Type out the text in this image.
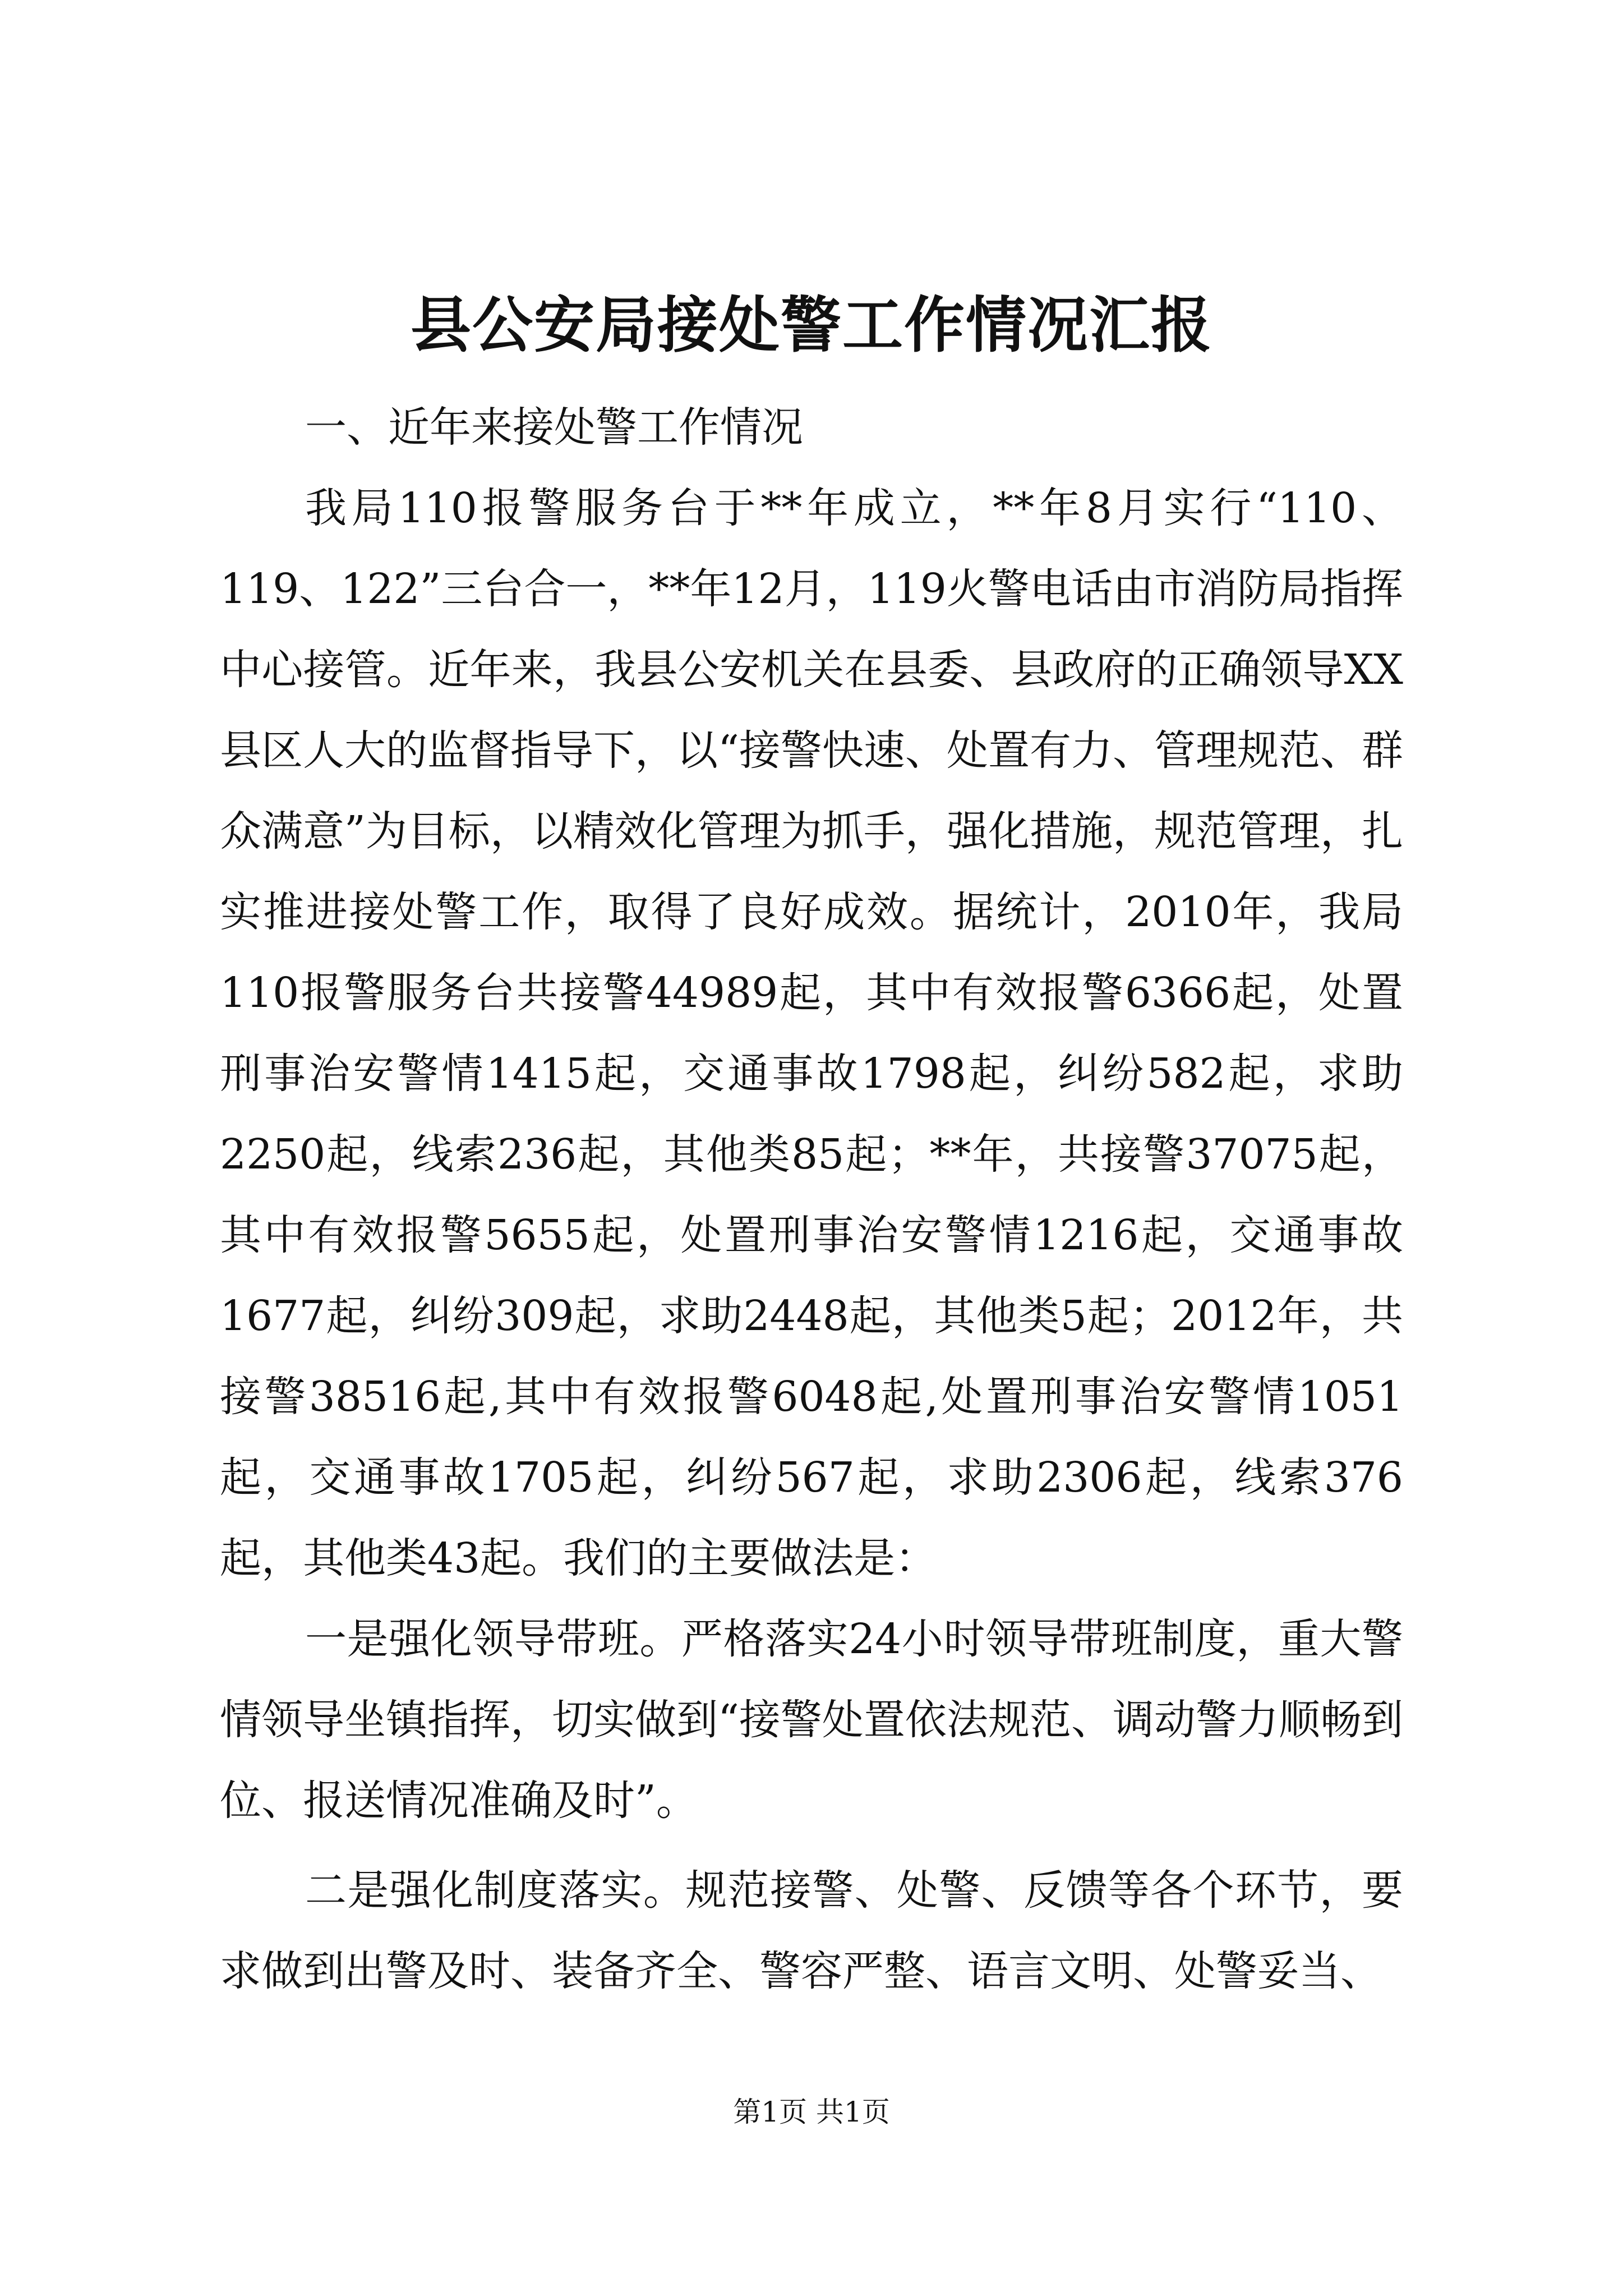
县公安局接处警工作情况汇报

一、近年来接处警工作情况

我局110报警服务台于**年成立，**年8月实行“110、119、122”三台合一，**年12月，119火警电话由市消防局指挥中心接管。近年来，我县公安机关在县委、县政府的正确领导XX县区人大的监督指导下，以“接警快速、处置有力、管理规范、群众满意”为目标，以精效化管理为抓手，强化措施，规范管理，扎实推进接处警工作，取得了良好成效。据统计，2010年，我局110报警服务台共接警44989起，其中有效报警6366起，处置刑事治安警情1415起，交通事故1798起，纠纷582起，求助2250起，线索236起，其他类85起；**年，共接警37075起，其中有效报警5655起，处置刑事治安警情1216起，交通事故1677起，纠纷309起，求助2448起，其他类5起；2012年，共接警38516起,其中有效报警6048起,处置刑事治安警情1051起，交通事故1705起，纠纷567起，求助2306起，线索376起，其他类43起。我们的主要做法是：

一是强化领导带班。严格落实24小时领导带班制度，重大警情领导坐镇指挥，切实做到“接警处置依法规范、调动警力顺畅到位、报送情况准确及时”。

二是强化制度落实。规范接警、处警、反馈等各个环节，要求做到出警及时、装备齐全、警容严整、语言文明、处警妥当、

第1页 共1页
